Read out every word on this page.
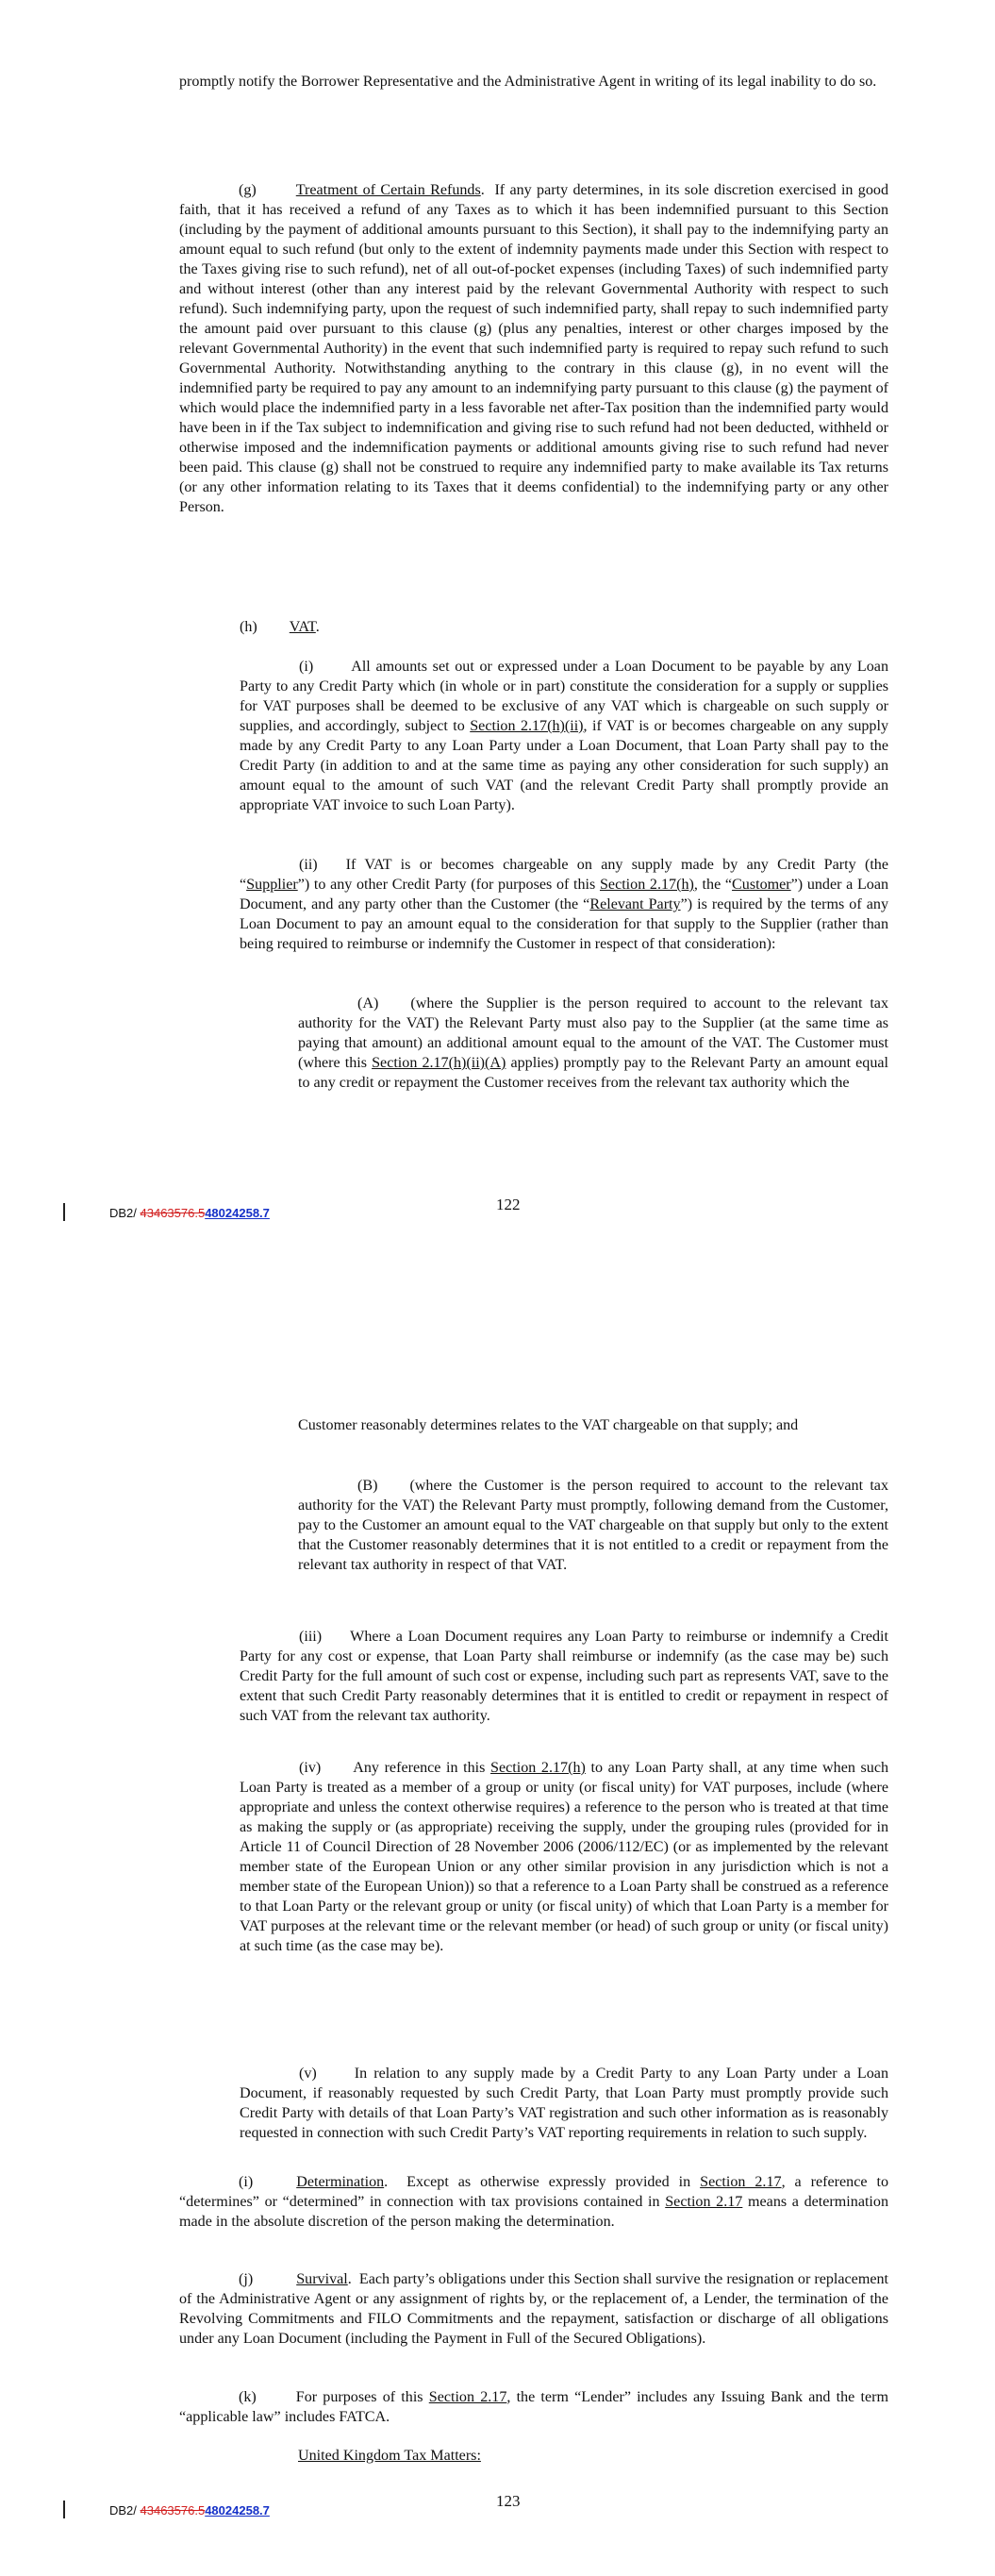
promptly notify the Borrower Representative and the Administrative Agent in writing of its legal inability to do so.

(g)	Treatment of Certain Refunds.  If any party determines, in its sole discretion exercised in good faith, that it has received a refund of any Taxes as to which it has been indemnified pursuant to this Section (including by the payment of additional amounts pursuant to this Section), it shall pay to the indemnifying party an amount equal to such refund (but only to the extent of indemnity payments made under this Section with respect to the Taxes giving rise to such refund), net of all out-of-pocket expenses (including Taxes) of such indemnified party and without interest (other than any interest paid by the relevant Governmental Authority with respect to such refund). Such indemnifying party, upon the request of such indemnified party, shall repay to such indemnified party the amount paid over pursuant to this clause (g) (plus any penalties, interest or other charges imposed by the relevant Governmental Authority) in the event that such indemnified party is required to repay such refund to such Governmental Authority. Notwithstanding anything to the contrary in this clause (g), in no event will the indemnified party be required to pay any amount to an indemnifying party pursuant to this clause (g) the payment of which would place the indemnified party in a less favorable net after-Tax position than the indemnified party would have been in if the Tax subject to indemnification and giving rise to such refund had not been deducted, withheld or otherwise imposed and the indemnification payments or additional amounts giving rise to such refund had never been paid. This clause (g) shall not be construed to require any indemnified party to make available its Tax returns (or any other information relating to its Taxes that it deems confidential) to the indemnifying party or any other Person.

(h) VAT.

(i) All amounts set out or expressed under a Loan Document to be payable by any Loan Party to any Credit Party which (in whole or in part) constitute the consideration for a supply or supplies for VAT purposes shall be deemed to be exclusive of any VAT which is chargeable on such supply or supplies, and accordingly, subject to Section 2.17(h)(ii), if VAT is or becomes chargeable on any supply made by any Credit Party to any Loan Party under a Loan Document, that Loan Party shall pay to the Credit Party (in addition to and at the same time as paying any other consideration for such supply) an amount equal to the amount of such VAT (and the relevant Credit Party shall promptly provide an appropriate VAT invoice to such Loan Party).

(ii) If VAT is or becomes chargeable on any supply made by any Credit Party (the “Supplier”) to any other Credit Party (for purposes of this Section 2.17(h), the “Customer”) under a Loan Document, and any party other than the Customer (the “Relevant Party”) is required by the terms of any Loan Document to pay an amount equal to the consideration for that supply to the Supplier (rather than being required to reimburse or indemnify the Customer in respect of that consideration):

(A) (where the Supplier is the person required to account to the relevant tax authority for the VAT) the Relevant Party must also pay to the Supplier (at the same time as paying that amount) an additional amount equal to the amount of the VAT. The Customer must (where this Section 2.17(h)(ii)(A) applies) promptly pay to the Relevant Party an amount equal to any credit or repayment the Customer receives from the relevant tax authority which the

DB2/ 43463576.548024258.7	122

Customer reasonably determines relates to the VAT chargeable on that supply; and

(B) (where the Customer is the person required to account to the relevant tax authority for the VAT) the Relevant Party must promptly, following demand from the Customer, pay to the Customer an amount equal to the VAT chargeable on that supply but only to the extent that the Customer reasonably determines that it is not entitled to a credit or repayment from the relevant tax authority in respect of that VAT.

(iii) Where a Loan Document requires any Loan Party to reimburse or indemnify a Credit Party for any cost or expense, that Loan Party shall reimburse or indemnify (as the case may be) such Credit Party for the full amount of such cost or expense, including such part as represents VAT, save to the extent that such Credit Party reasonably determines that it is entitled to credit or repayment in respect of such VAT from the relevant tax authority.

(iv) Any reference in this Section 2.17(h) to any Loan Party shall, at any time when such Loan Party is treated as a member of a group or unity (or fiscal unity) for VAT purposes, include (where appropriate and unless the context otherwise requires) a reference to the person who is treated at that time as making the supply or (as appropriate) receiving the supply, under the grouping rules (provided for in Article 11 of Council Direction of 28 November 2006 (2006/112/EC) (or as implemented by the relevant member state of the European Union or any other similar provision in any jurisdiction which is not a member state of the European Union)) so that a reference to a Loan Party shall be construed as a reference to that Loan Party or the relevant group or unity (or fiscal unity) of which that Loan Party is a member for VAT purposes at the relevant time or the relevant member (or head) of such group or unity (or fiscal unity) at such time (as the case may be).

(v) In relation to any supply made by a Credit Party to any Loan Party under a Loan Document, if reasonably requested by such Credit Party, that Loan Party must promptly provide such Credit Party with details of that Loan Party’s VAT registration and such other information as is reasonably requested in connection with such Credit Party’s VAT reporting requirements in relation to such supply.

(i)	Determination.  Except as otherwise expressly provided in Section 2.17, a reference to “determines” or “determined” in connection with tax provisions contained in Section 2.17 means a determination made in the absolute discretion of the person making the determination.

(j)	Survival.  Each party’s obligations under this Section shall survive the resignation or replacement of the Administrative Agent or any assignment of rights by, or the replacement of, a Lender, the termination of the Revolving Commitments and FILO Commitments and the repayment, satisfaction or discharge of all obligations under any Loan Document (including the Payment in Full of the Secured Obligations).

(k)	For purposes of this Section 2.17, the term “Lender” includes any Issuing Bank and the term “applicable law” includes FATCA.

United Kingdom Tax Matters:

DB2/ 43463576.548024258.7
123
